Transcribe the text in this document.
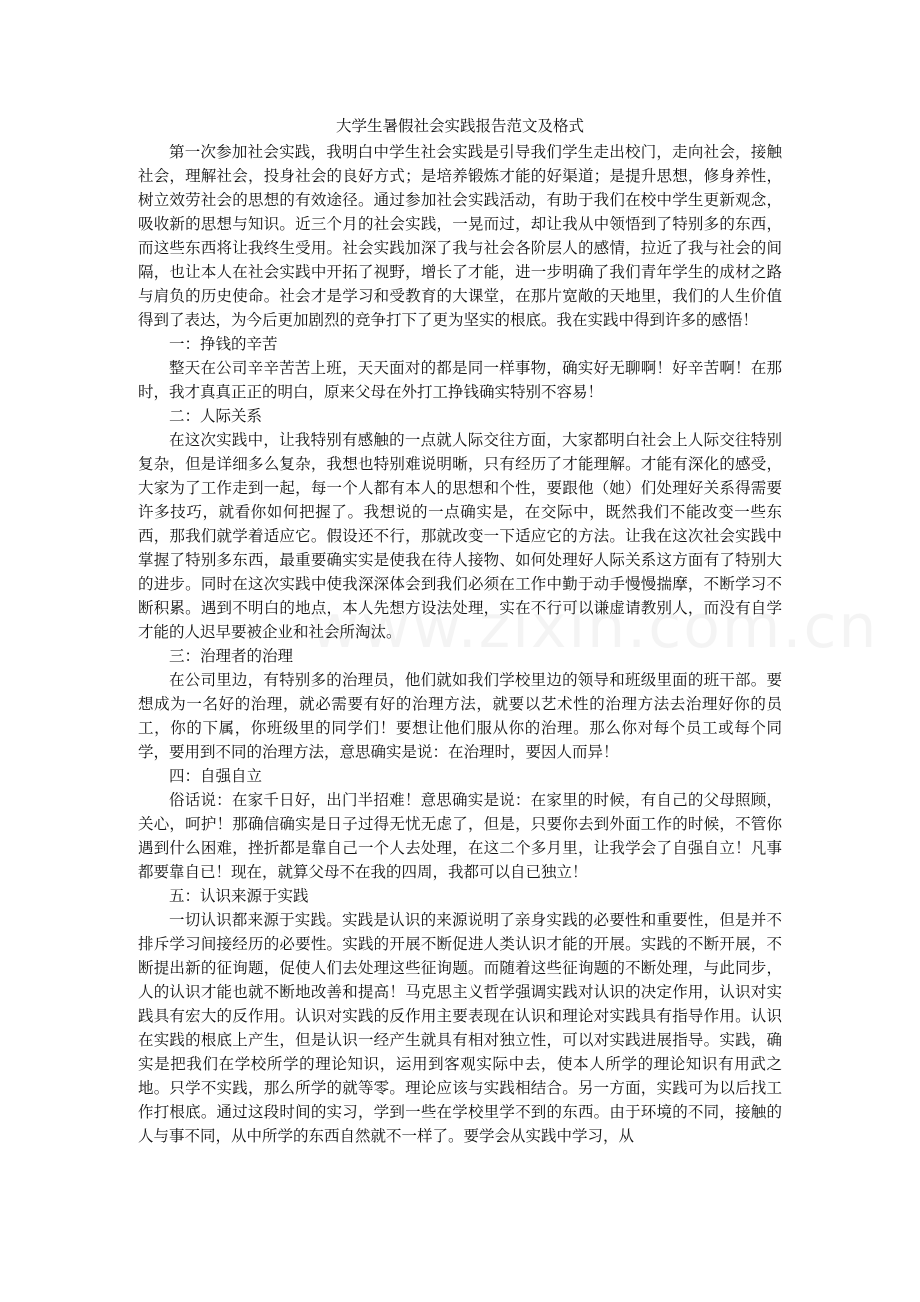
大学生暑假社会实践报告范文及格式

第一次参加社会实践，我明白中学生社会实践是引导我们学生走出校门，走向社会，接触社会，理解社会，投身社会的良好方式；是培养锻炼才能的好渠道；是提升思想，修身养性，树立效劳社会的思想的有效途径。通过参加社会实践活动，有助于我们在校中学生更新观念，吸收新的思想与知识。近三个月的社会实践，一晃而过，却让我从中领悟到了特别多的东西，而这些东西将让我终生受用。社会实践加深了我与社会各阶层人的感情，拉近了我与社会的间隔，也让本人在社会实践中开拓了视野，增长了才能，进一步明确了我们青年学生的成材之路与肩负的历史使命。社会才是学习和受教育的大课堂，在那片宽敞的天地里，我们的人生价值得到了表达，为今后更加剧烈的竞争打下了更为坚实的根底。我在实践中得到许多的感悟！

一：挣钱的辛苦

整天在公司辛辛苦苦上班，天天面对的都是同一样事物，确实好无聊啊！好辛苦啊！在那时，我才真真正正的明白，原来父母在外打工挣钱确实特别不容易！

二：人际关系

在这次实践中，让我特别有感触的一点就人际交往方面，大家都明白社会上人际交往特别复杂，但是详细多么复杂，我想也特别难说明晰，只有经历了才能理解。才能有深化的感受，大家为了工作走到一起，每一个人都有本人的思想和个性，要跟他（她）们处理好关系得需要许多技巧，就看你如何把握了。我想说的一点确实是，在交际中，既然我们不能改变一些东西，那我们就学着适应它。假设还不行，那就改变一下适应它的方法。让我在这次社会实践中掌握了特别多东西，最重要确实实是使我在待人接物、如何处理好人际关系这方面有了特别大的进步。同时在这次实践中使我深深体会到我们必须在工作中勤于动手慢慢揣摩，不断学习不断积累。遇到不明白的地点，本人先想方设法处理，实在不行可以谦虚请教别人，而没有自学才能的人迟早要被企业和社会所淘汰。

三：治理者的治理

在公司里边，有特别多的治理员，他们就如我们学校里边的领导和班级里面的班干部。要想成为一名好的治理，就必需要有好的治理方法，就要以艺术性的治理方法去治理好你的员工，你的下属，你班级里的同学们！要想让他们服从你的治理。那么你对每个员工或每个同学，要用到不同的治理方法，意思确实是说：在治理时，要因人而异！

四：自强自立

俗话说：在家千日好，出门半招难！意思确实是说：在家里的时候，有自己的父母照顾，关心，呵护！那确信确实是日子过得无忧无虑了，但是，只要你去到外面工作的时候，不管你遇到什么困难，挫折都是靠自己一个人去处理，在这二个多月里，让我学会了自强自立！凡事都要靠自已！现在，就算父母不在我的四周，我都可以自已独立！

五：认识来源于实践

一切认识都来源于实践。实践是认识的来源说明了亲身实践的必要性和重要性，但是并不排斥学习间接经历的必要性。实践的开展不断促进人类认识才能的开展。实践的不断开展，不断提出新的征询题，促使人们去处理这些征询题。而随着这些征询题的不断处理，与此同步，人的认识才能也就不断地改善和提高！马克思主义哲学强调实践对认识的决定作用，认识对实践具有宏大的反作用。认识对实践的反作用主要表现在认识和理论对实践具有指导作用。认识在实践的根底上产生，但是认识一经产生就具有相对独立性，可以对实践进展指导。实践，确实是把我们在学校所学的理论知识，运用到客观实际中去，使本人所学的理论知识有用武之地。只学不实践，那么所学的就等零。理论应该与实践相结合。另一方面，实践可为以后找工作打根底。通过这段时间的实习，学到一些在学校里学不到的东西。由于环境的不同，接触的人与事不同，从中所学的东西自然就不一样了。要学会从实践中学习，从
